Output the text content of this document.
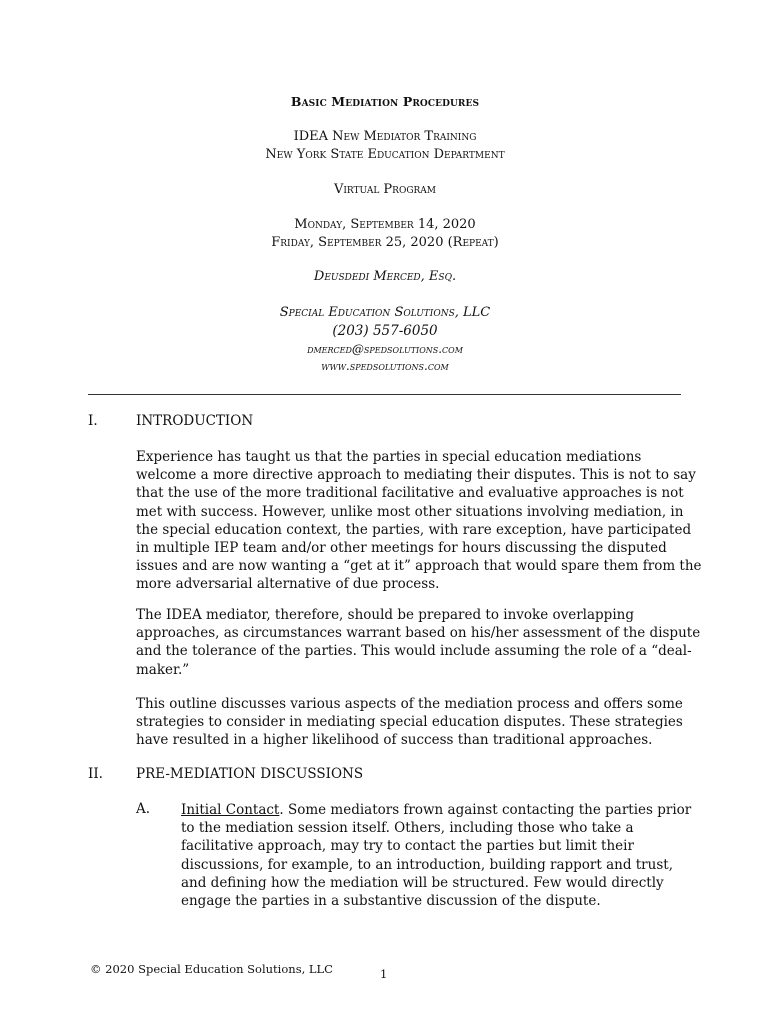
Basic Mediation Procedures
IDEA New Mediator Training
New York State Education Department
Virtual Program
Monday, September 14, 2020
Friday, September 25, 2020 (Repeat)
Deusdedi Merced, Esq.
Special Education Solutions, LLC
(203) 557-6050
dmerced@spedsolutions.com
www.spedsolutions.com
I.	INTRODUCTION
Experience has taught us that the parties in special education mediations
welcome a more directive approach to mediating their disputes. This is not to say
that the use of the more traditional facilitative and evaluative approaches is not
met with success. However, unlike most other situations involving mediation, in
the special education context, the parties, with rare exception, have participated
in multiple IEP team and/or other meetings for hours discussing the disputed
issues and are now wanting a “get at it” approach that would spare them from the
more adversarial alternative of due process.
The IDEA mediator, therefore, should be prepared to invoke overlapping
approaches, as circumstances warrant based on his/her assessment of the dispute
and the tolerance of the parties. This would include assuming the role of a “deal-
maker.”
This outline discusses various aspects of the mediation process and offers some
strategies to consider in mediating special education disputes. These strategies
have resulted in a higher likelihood of success than traditional approaches.
II. PRE-MEDIATION DISCUSSIONS
A. Initial Contact. Some mediators frown against contacting the parties prior
to the mediation session itself. Others, including those who take a
facilitative approach, may try to contact the parties but limit their
discussions, for example, to an introduction, building rapport and trust,
and defining how the mediation will be structured. Few would directly
engage the parties in a substantive discussion of the dispute.
© 2020 Special Education Solutions, LLC	1
